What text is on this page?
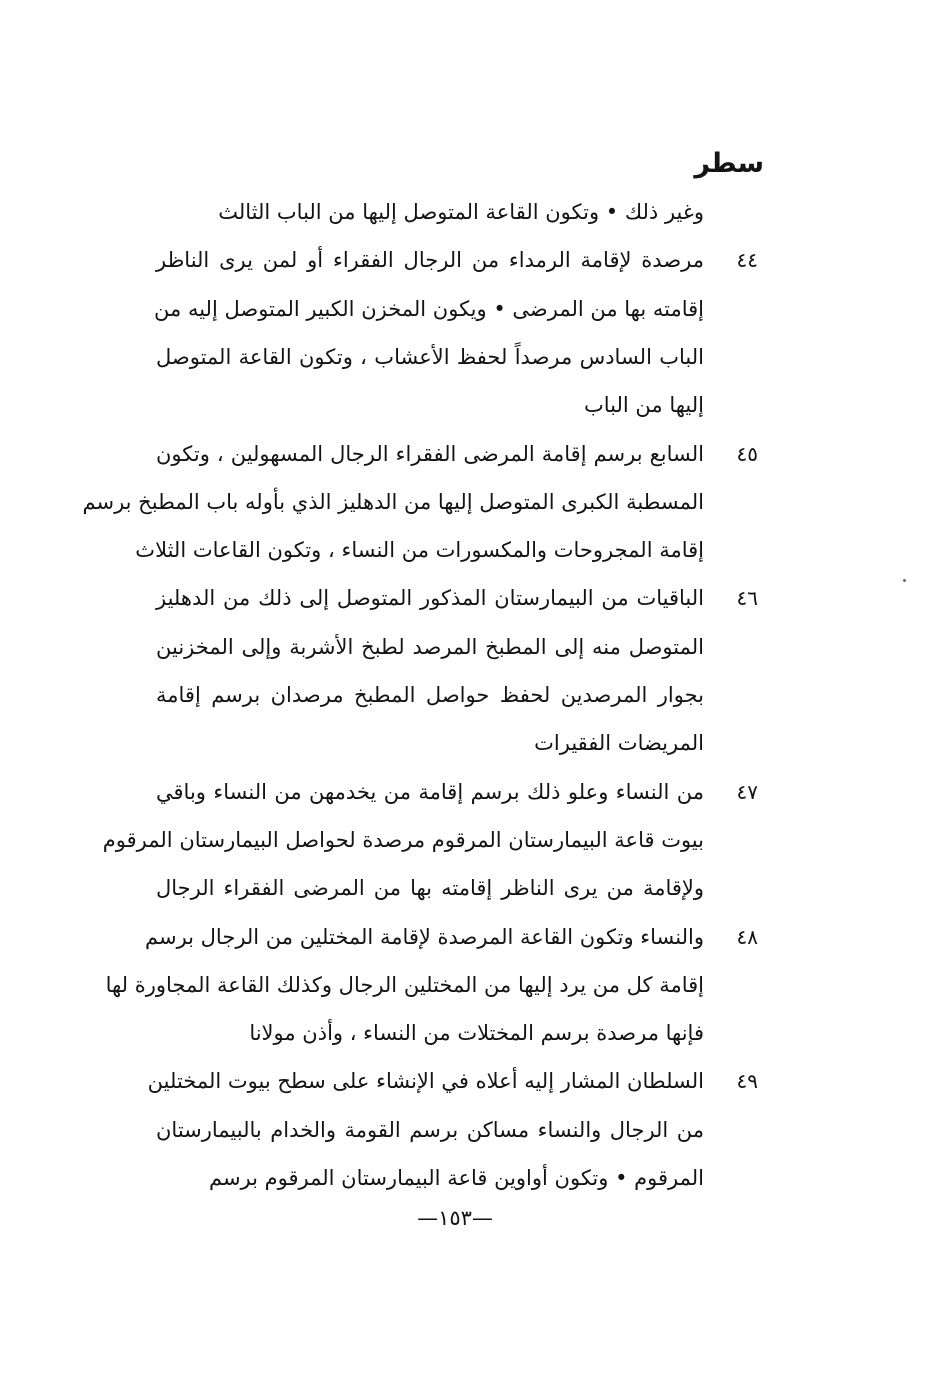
سطر
وغير ذلك • وتكون القاعة المتوصل إليها من الباب الثالث
مرصدة لإقامة الرمداء من الرجال الفقراء أو لمن يرى الناظر	٤٤
إقامته بها من المرضى • ويكون المخزن الكبير المتوصل إليه من
الباب السادس مرصداً لحفظ الأعشاب ، وتكون القاعة المتوصل
إليها من الباب
السابع برسم إقامة المرضى الفقراء الرجال المسهولين ، وتكون	٤٥
المسطبة الكبرى المتوصل إليها من الدهليز الذي بأوله باب المطبخ برسم
إقامة المجروحات والمكسورات من النساء ، وتكون القاعات الثلاث
الباقيات من البيمارستان المذكور المتوصل إلى ذلك من الدهليز	٤٦
المتوصل منه إلى المطبخ المرصد لطبخ الأشربة وإلى المخزنين
بجوار المرصدين لحفظ حواصل المطبخ مرصدان برسم إقامة
المريضات الفقيرات
من النساء وعلو ذلك برسم إقامة من يخدمهن من النساء وباقي	٤٧
بيوت قاعة البيمارستان المرقوم مرصدة لحواصل البيمارستان المرقوم
ولإقامة من يرى الناظر إقامته بها من المرضى الفقراء الرجال
والنساء وتكون القاعة المرصدة لإقامة المختلين من الرجال برسم	٤٨
إقامة كل من يرد إليها من المختلين الرجال وكذلك القاعة المجاورة لها
فإنها مرصدة برسم المختلات من النساء ، وأذن مولانا
السلطان المشار إليه أعلاه في الإنشاء على سطح بيوت المختلين	٤٩
من الرجال والنساء مساكن برسم القومة والخدام بالبيمارستان
المرقوم • وتكون أواوين قاعة البيمارستان المرقوم برسم
—١٥٣—
